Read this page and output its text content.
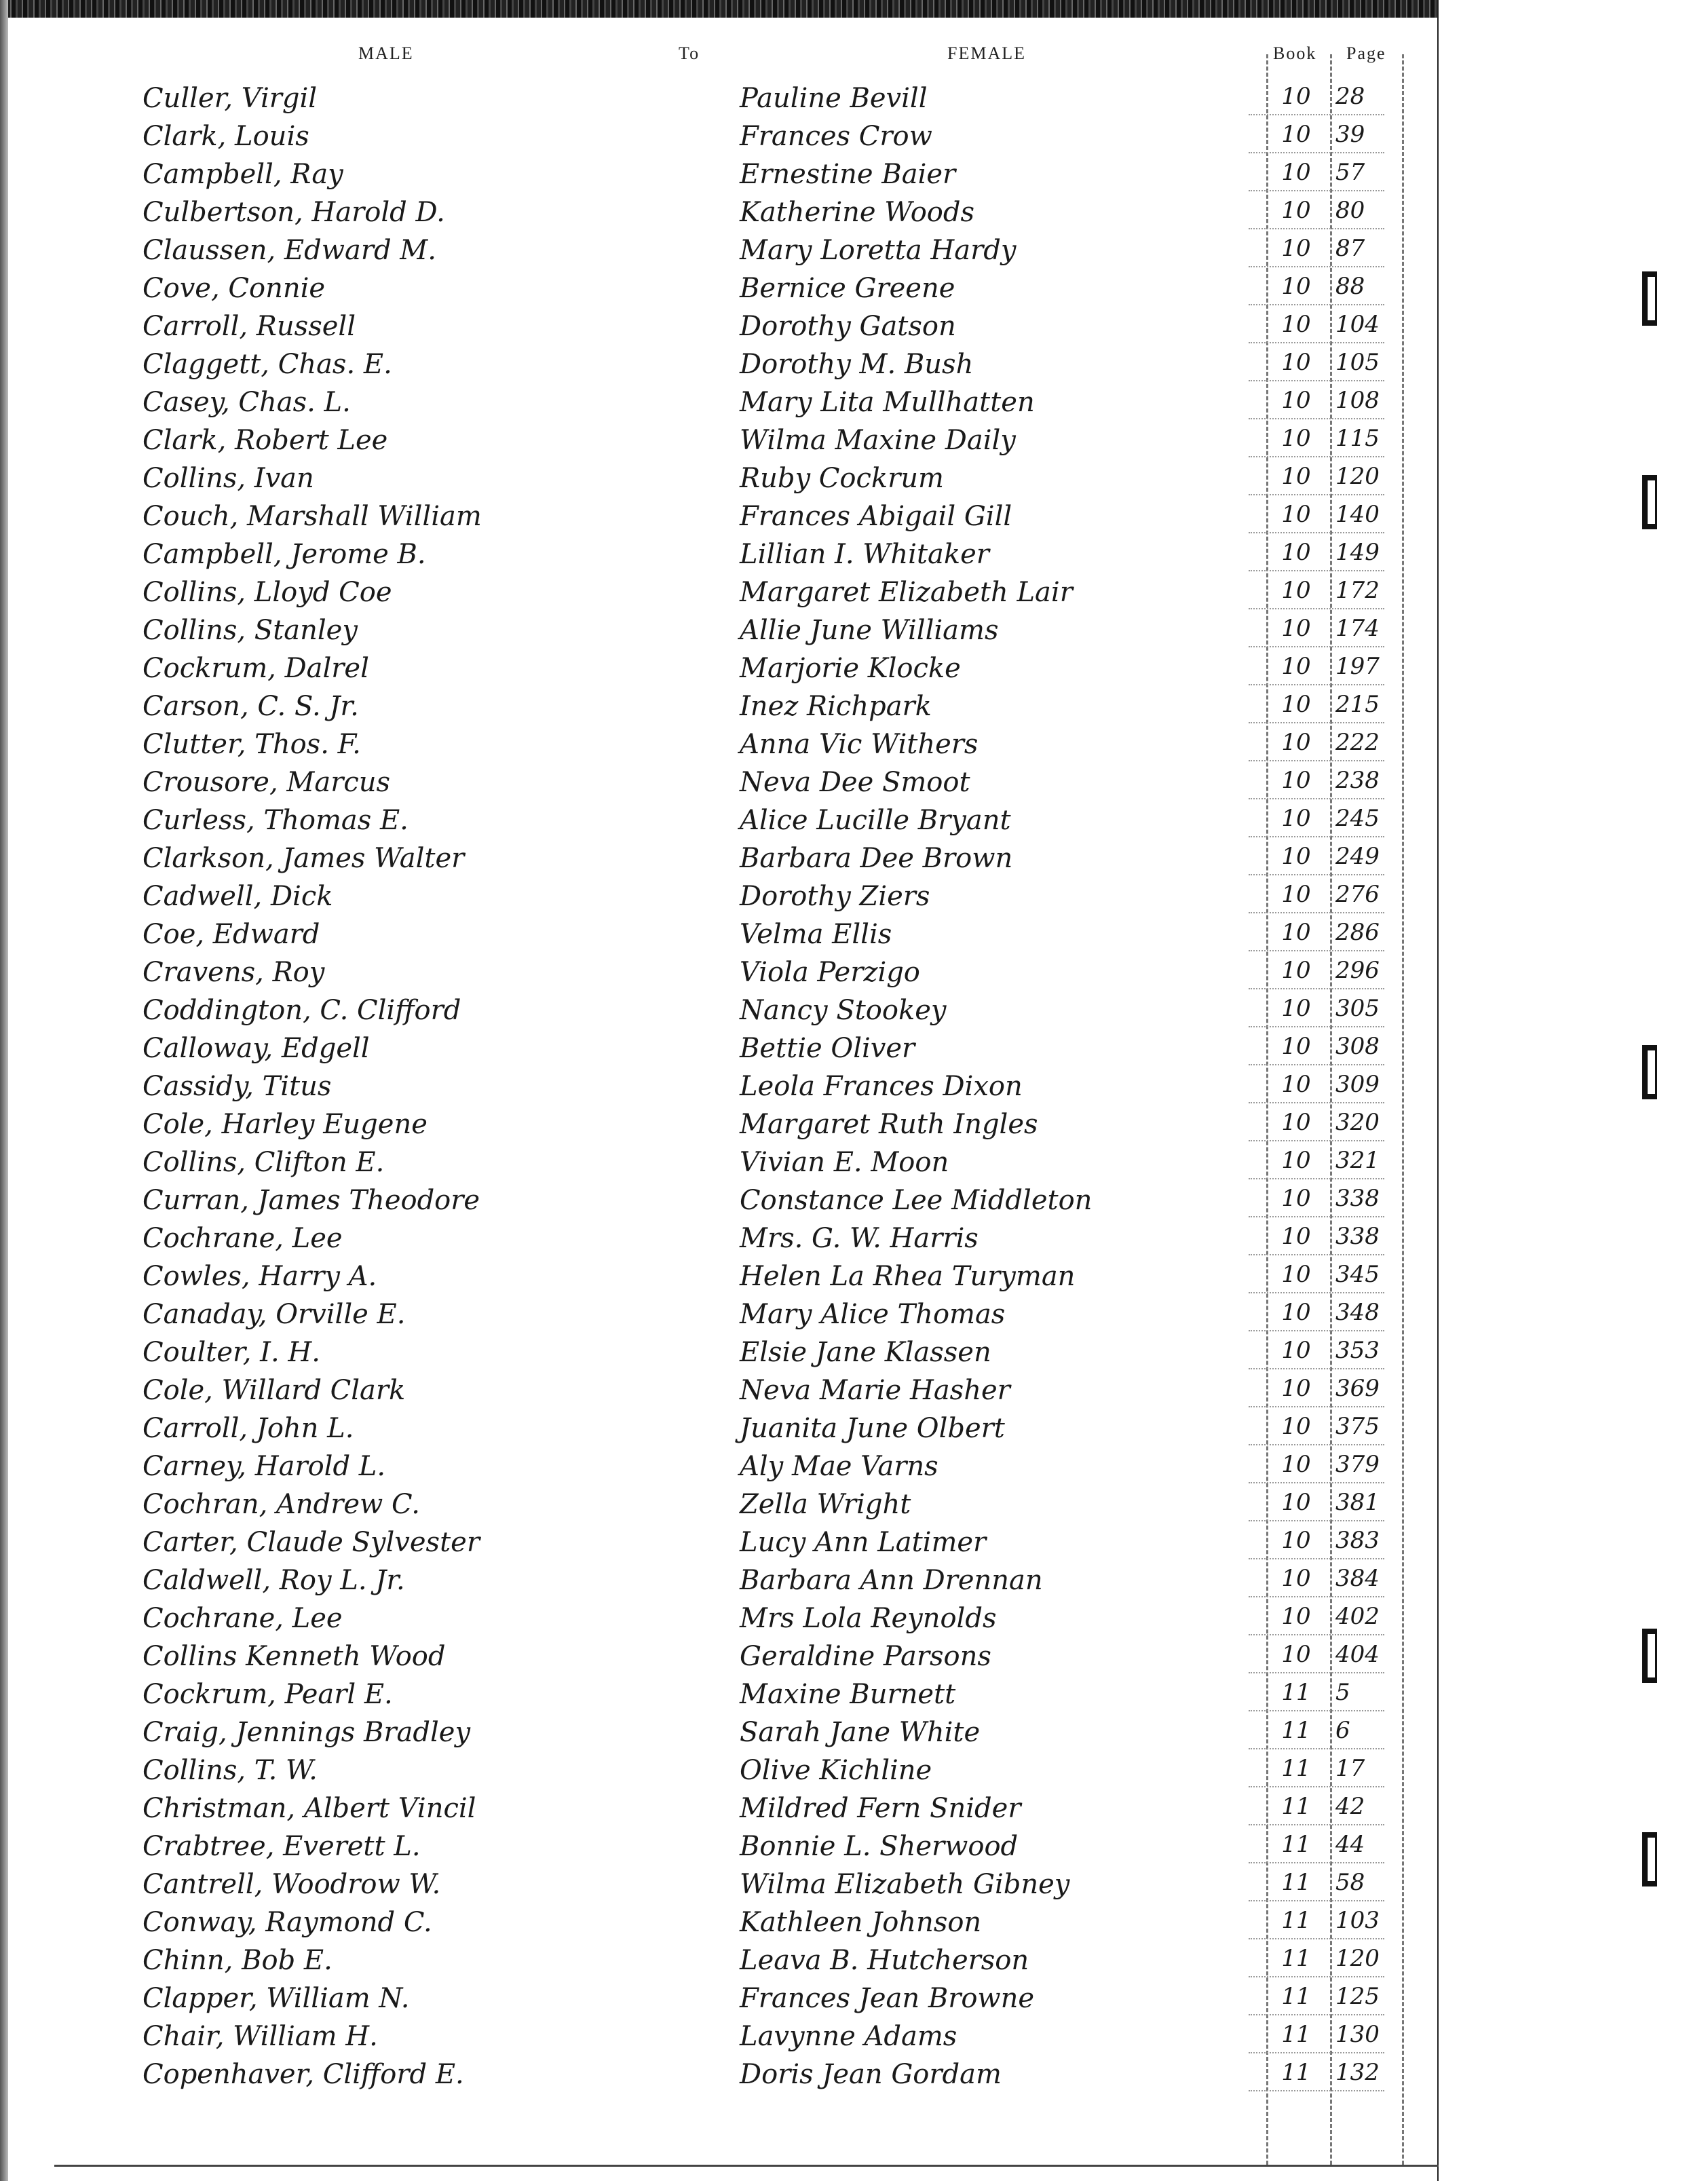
MALE	To	FEMALE	Book Page
Culler, Virgil	Pauline Bevill	10 28
Clark, Louis	Frances Crow	10 39
Campbell, Ray	Ernestine Baier	10 57
Culbertson, Harold D.	Katherine Woods	10 80
Claussen, Edward M.	Mary Loretta Hardy	10 87
Cove, Connie	Bernice Greene	10 88
Carroll, Russell	Dorothy Gatson	10 104
Claggett, Chas. E.	Dorothy M. Bush	10 105
Casey, Chas. L.	Mary Lita Mullhatten	10 108
Clark, Robert Lee	Wilma Maxine Daily	10 115
Collins, Ivan	Ruby Cockrum	10 120
Couch, Marshall William	Frances Abigail Gill	10 140
Campbell, Jerome B.	Lillian I. Whitaker	10 149
Collins, Lloyd Coe	Margaret Elizabeth Lair	10 172
Collins, Stanley	Allie June Williams	10 174
Cockrum, Dalrel	Marjorie Klocke	10 197
Carson, C. S. Jr.	Inez Richpark	10 215
Clutter, Thos. F.	Anna Vic Withers	10 222
Crousore, Marcus	Neva Dee Smoot	10 238
Curless, Thomas E.	Alice Lucille Bryant	10 245
Clarkson, James Walter	Barbara Dee Brown	10 249
Cadwell, Dick	Dorothy Ziers	10 276
Coe, Edward	Velma Ellis	10 286
Cravens, Roy	Viola Perzigo	10 296
Coddington, C. Clifford	Nancy Stookey	10 305
Calloway, Edgell	Bettie Oliver	10 308
Cassidy, Titus	Leola Frances Dixon	10 309
Cole, Harley Eugene	Margaret Ruth Ingles	10 320
Collins, Clifton E.	Vivian E. Moon	10 321
Curran, James Theodore	Constance Lee Middleton	10 338
Cochrane, Lee	Mrs. G. W. Harris	10 338
Cowles, Harry A.	Helen La Rhea Turyman	10 345
Canaday, Orville E.	Mary Alice Thomas	10 348
Coulter, I. H.	Elsie Jane Klassen	10 353
Cole, Willard Clark	Neva Marie Hasher	10 369
Carroll, John L.	Juanita June Olbert	10 375
Carney, Harold L.	Aly Mae Varns	10 379
Cochran, Andrew C.	Zella Wright	10 381
Carter, Claude Sylvester	Lucy Ann Latimer	10 383
Caldwell, Roy L. Jr.	Barbara Ann Drennan	10 384
Cochrane, Lee	Mrs Lola Reynolds	10 402
Collins Kenneth Wood	Geraldine Parsons	10 404
Cockrum, Pearl E.	Maxine Burnett	11 5
Craig, Jennings Bradley	Sarah Jane White	11 6
Collins, T. W.	Olive Kichline	11 17
Christman, Albert Vincil	Mildred Fern Snider	11 42
Crabtree, Everett L.	Bonnie L. Sherwood	11 44
Cantrell, Woodrow W.	Wilma Elizabeth Gibney	11 58
Conway, Raymond C.	Kathleen Johnson	11 103
Chinn, Bob E.	Leava B. Hutcherson	11 120
Clapper, William N.	Frances Jean Browne	11 125
Chair, William H.	Lavynne Adams	11 130
Copenhaver, Clifford E.	Doris Jean Gordam	11 132
